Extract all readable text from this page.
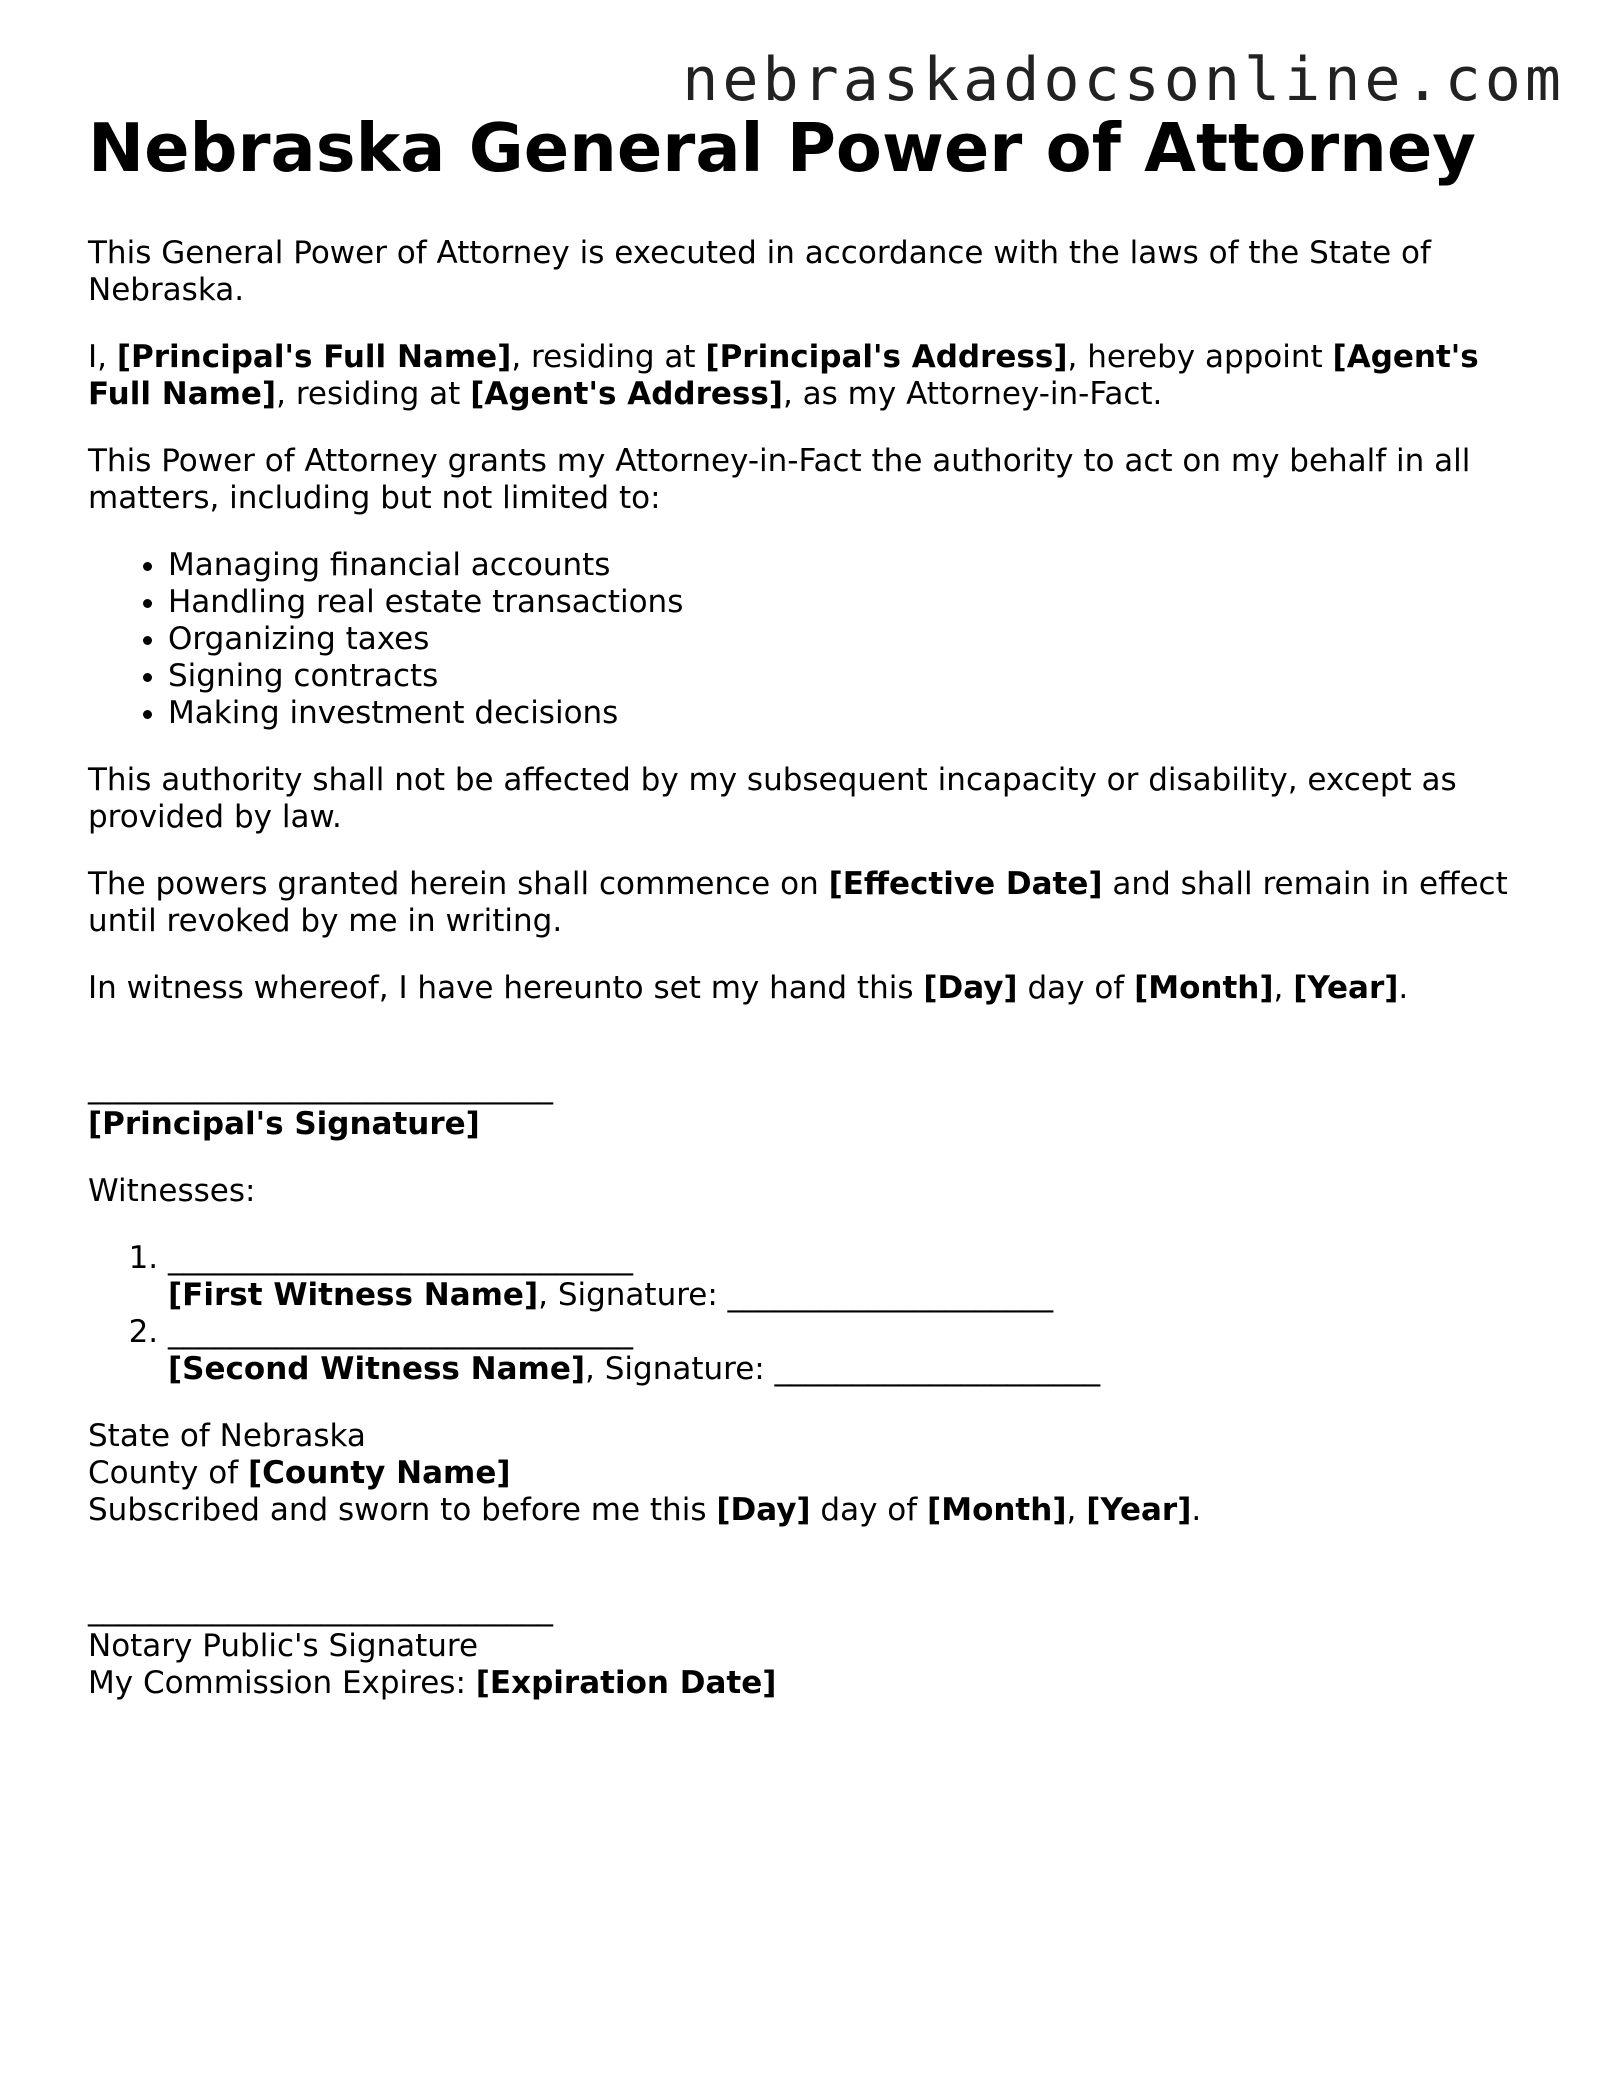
nebraskadocsonline.com
Nebraska General Power of Attorney

This General Power of Attorney is executed in accordance with the laws of the State of Nebraska.

I, [Principal's Full Name], residing at [Principal's Address], hereby appoint [Agent's Full Name], residing at [Agent's Address], as my Attorney-in-Fact.

This Power of Attorney grants my Attorney-in-Fact the authority to act on my behalf in all matters, including but not limited to:

• Managing financial accounts
• Handling real estate transactions
• Organizing taxes
• Signing contracts
• Making investment decisions

This authority shall not be affected by my subsequent incapacity or disability, except as provided by law.

The powers granted herein shall commence on [Effective Date] and shall remain in effect until revoked by me in writing.

In witness whereof, I have hereunto set my hand this [Day] day of [Month], [Year].

______________________________
[Principal's Signature]

Witnesses:

1. ______________________________
[First Witness Name], Signature: _____________________
2. ______________________________
[Second Witness Name], Signature: _____________________
State of Nebraska
County of [County Name]
Subscribed and sworn to before me this [Day] day of [Month], [Year].
______________________________
Notary Public's Signature
My Commission Expires: [Expiration Date]
